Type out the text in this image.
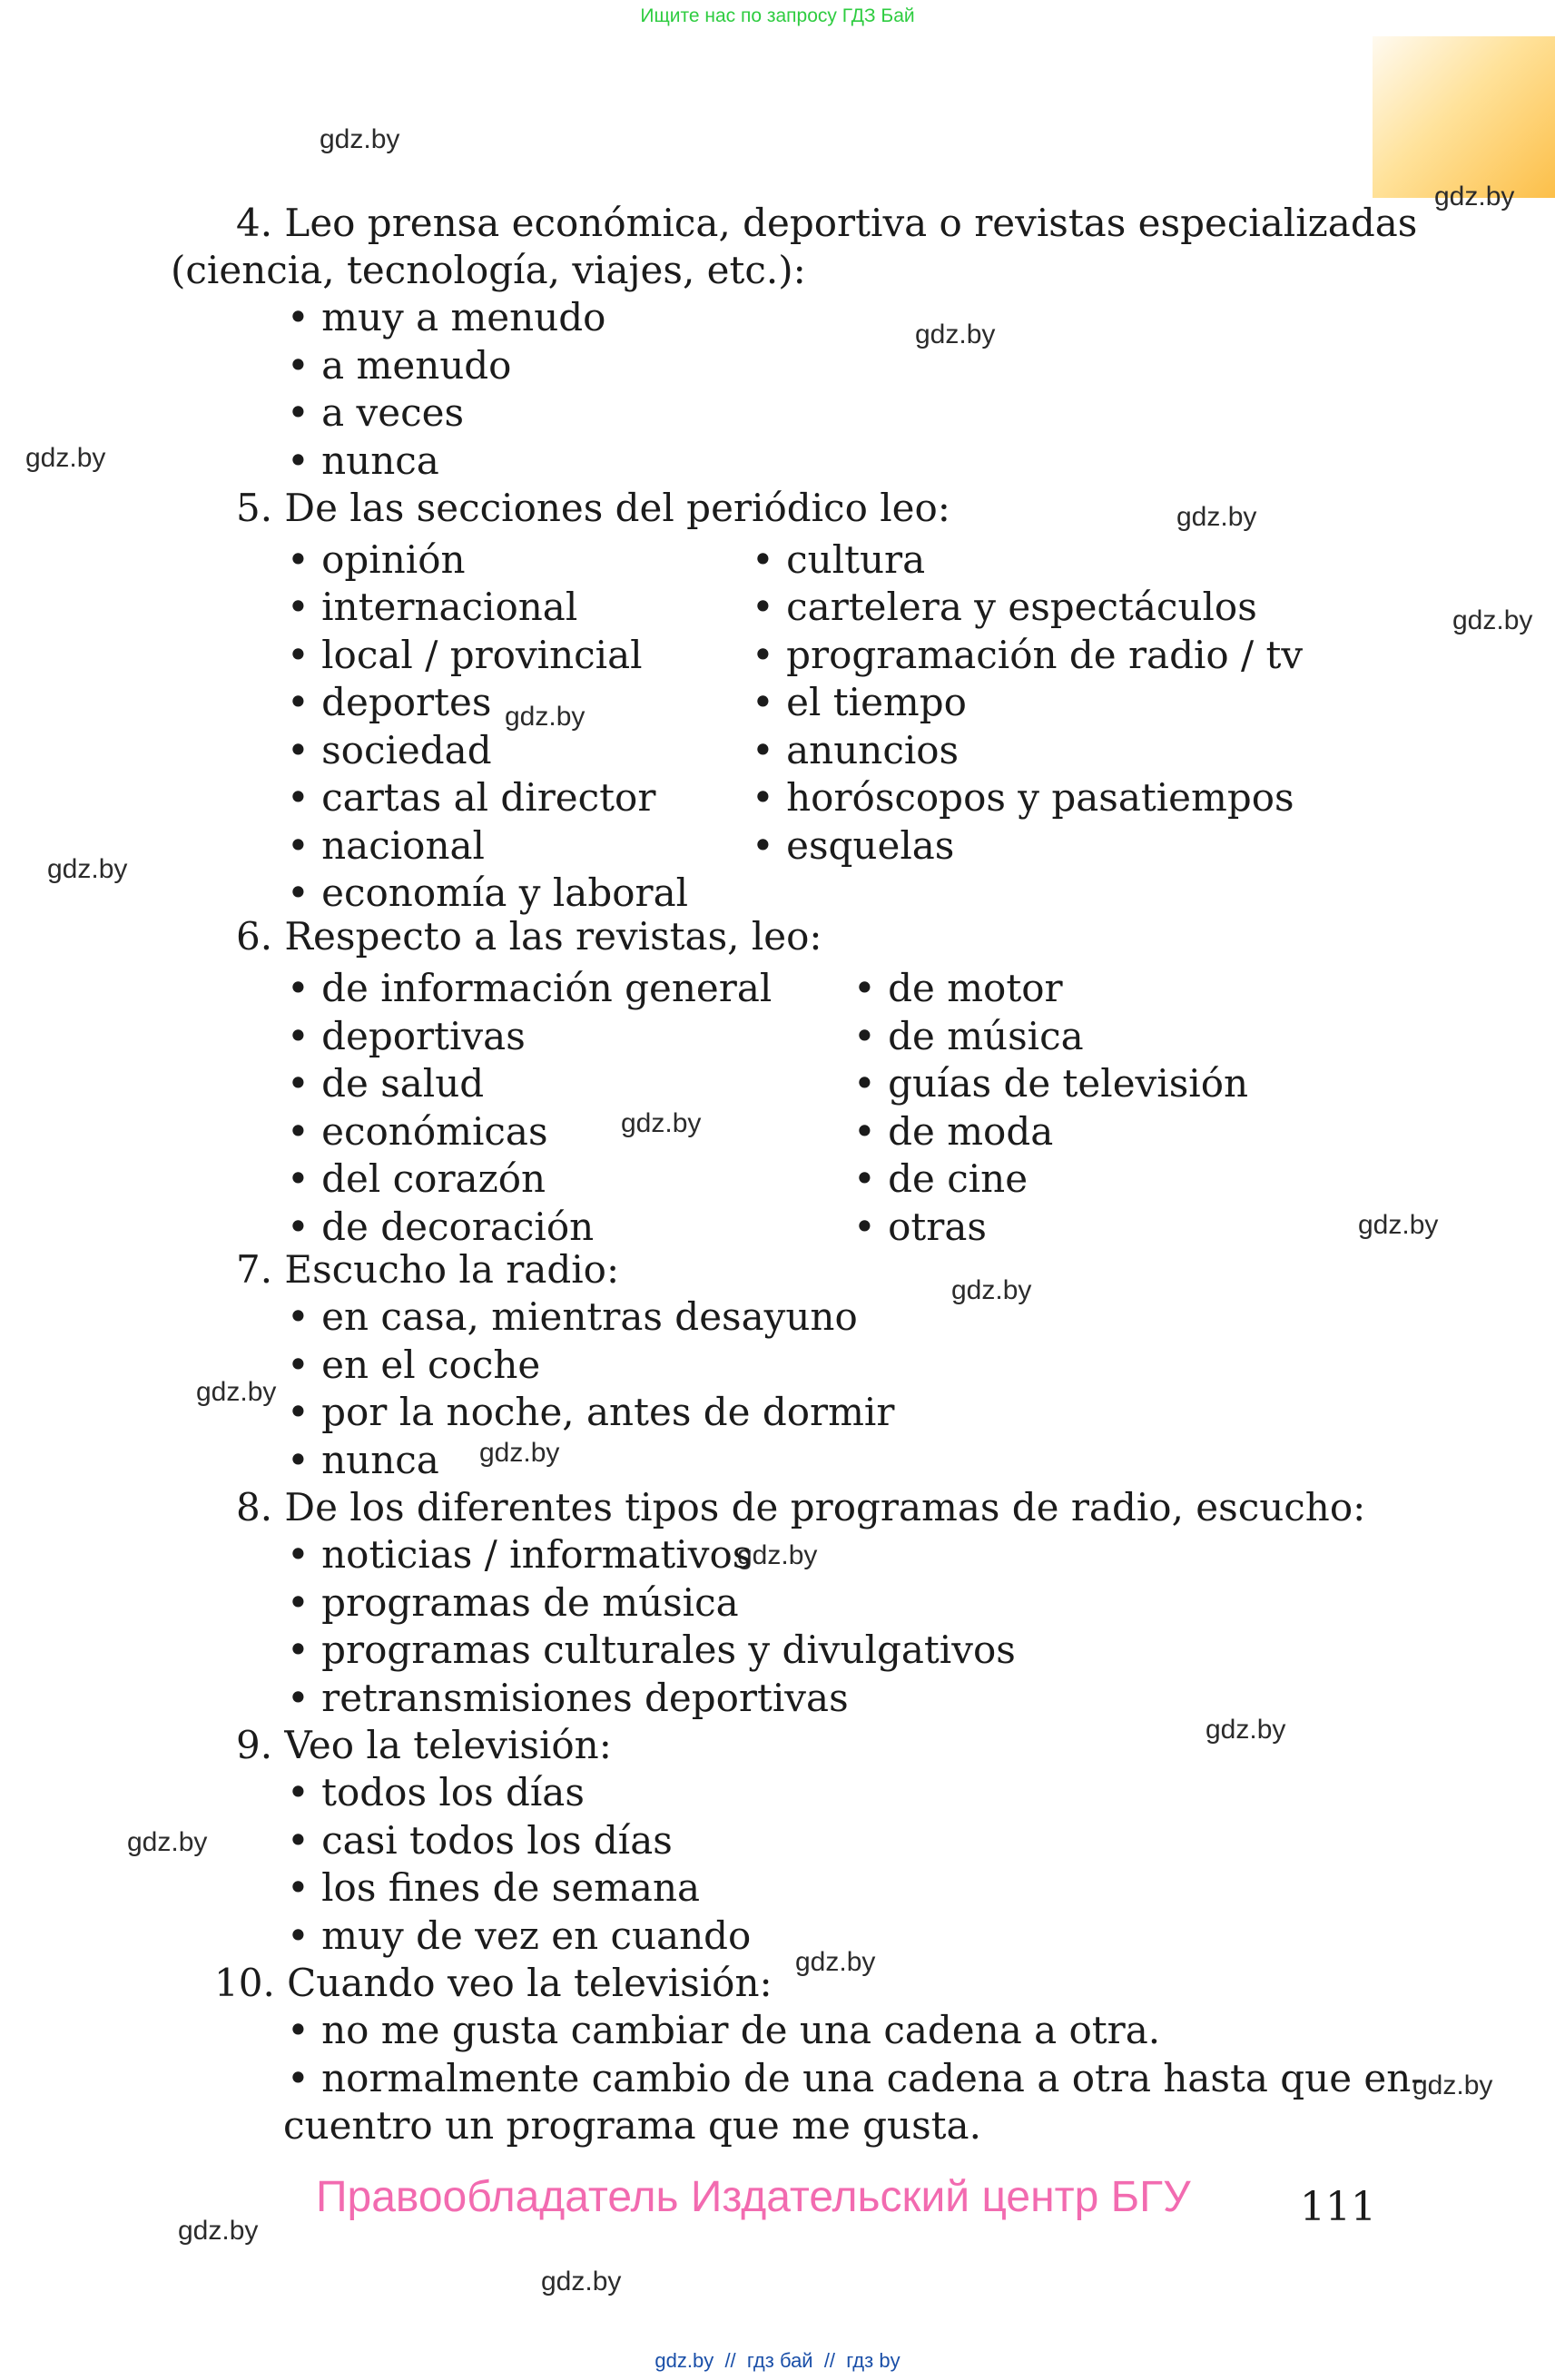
Ищите нас по запросу ГДЗ Бай
gdz.by
gdz.by
gdz.by
gdz.by
gdz.by
gdz.by
gdz.by
gdz.by
gdz.by
gdz.by
gdz.by
gdz.by
gdz.by
gdz.by
gdz.by
gdz.by
gdz.by
gdz.by
gdz.by
gdz.by
4. Leo prensa económica, deportiva o revistas especializadas
(ciencia, tecnología, viajes, etc.):
• muy a menudo
• a menudo
• a veces
• nunca
5. De las secciones del periódico leo:
• opinión
• internacional
• local / provincial
• deportes
• sociedad
• cartas al director
• nacional
• economía y laboral
• cultura
• cartelera y espectáculos
• programación de radio / tv
• el tiempo
• anuncios
• horóscopos y pasatiempos
• esquelas
6. Respecto a las revistas, leo:
• de información general
• deportivas
• de salud
• económicas
• del corazón
• de decoración
• de motor
• de música
• guías de televisión
• de moda
• de cine
• otras
7. Escucho la radio:
• en casa, mientras desayuno
• en el coche
• por la noche, antes de dormir
• nunca
8. De los diferentes tipos de programas de radio, escucho:
• noticias / informativos
• programas de música
• programas culturales y divulgativos
• retransmisiones deportivas
9. Veo la televisión:
• todos los días
• casi todos los días
• los fines de semana
• muy de vez en cuando
10. Cuando veo la televisión:
• no me gusta cambiar de una cadena a otra.
• normalmente cambio de una cadena a otra hasta que en-
cuentro un programa que me gusta.
Правообладатель Издательский центр БГУ	111
gdz.by  //  гдз бай  //  гдз by
